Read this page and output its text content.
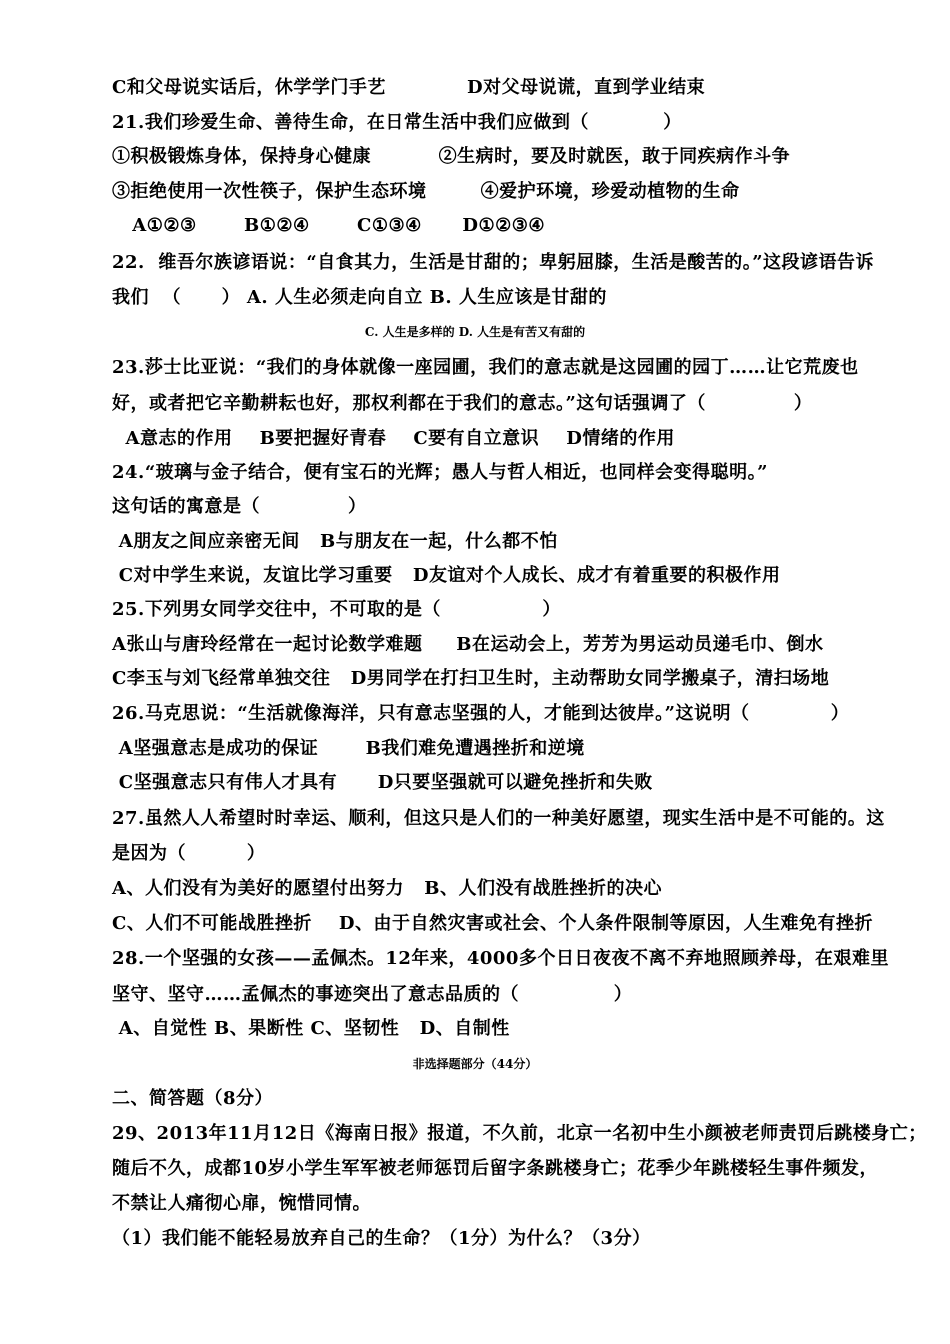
C和父母说实话后，休学学门手艺            D对父母说谎，直到学业结束
21.我们珍爱生命、善待生命，在日常生活中我们应做到（           ）
①积极锻炼身体，保持身心健康          ②生病时，要及时就医，敢于同疾病作斗争
③拒绝使用一次性筷子，保护生态环境        ④爱护环境，珍爱动植物的生命
A①②③       B①②④       C①③④      D①②③④
22.  维吾尔族谚语说：“自食其力，生活是甘甜的；卑躬屈膝，生活是酸苦的。”这段谚语告诉
我们  （      ） A. 人生必须走向自立 B. 人生应该是甘甜的
C. 人生是多样的 D. 人生是有苦又有甜的
23.莎士比亚说：“我们的身体就像一座园圃，我们的意志就是这园圃的园丁……让它荒废也
好，或者把它辛勤耕耘也好，那权利都在于我们的意志。”这句话强调了（             ）
A意志的作用    B要把握好青春    C要有自立意识    D情绪的作用
24.“玻璃与金子结合，便有宝石的光辉；愚人与哲人相近，也同样会变得聪明。”
这句话的寓意是（             ）
A朋友之间应亲密无间   B与朋友在一起，什么都不怕
C对中学生来说，友谊比学习重要   D友谊对个人成长、成才有着重要的积极作用
25.下列男女同学交往中，不可取的是（               ）
A张山与唐玲经常在一起讨论数学难题     B在运动会上，芳芳为男运动员递毛巾、倒水
C李玉与刘飞经常单独交往   D男同学在打扫卫生时，主动帮助女同学搬桌子，清扫场地
26.马克思说：“生活就像海洋，只有意志坚强的人，才能到达彼岸。”这说明（            ）
A坚强意志是成功的保证       B我们难免遭遇挫折和逆境
C坚强意志只有伟人才具有      D只要坚强就可以避免挫折和失败
27.虽然人人希望时时幸运、顺利，但这只是人们的一种美好愿望，现实生活中是不可能的。这
是因为（         ）
A、人们没有为美好的愿望付出努力   B、人们没有战胜挫折的决心
C、人们不可能战胜挫折    D、由于自然灾害或社会、个人条件限制等原因，人生难免有挫折
28.一个坚强的女孩——孟佩杰。12年来，4000多个日日夜夜不离不弃地照顾养母，在艰难里
坚守、坚守……孟佩杰的事迹突出了意志品质的（              ）
A、自觉性 B、果断性 C、坚韧性   D、自制性
非选择题部分（44分）
二、简答题（8分）
29、2013年11月12日《海南日报》报道，不久前，北京一名初中生小颜被老师责罚后跳楼身亡；
随后不久，成都10岁小学生军军被老师惩罚后留字条跳楼身亡；花季少年跳楼轻生事件频发，
不禁让人痛彻心扉，惋惜同情。
（1）我们能不能轻易放弃自己的生命？（1分）为什么？（3分）
